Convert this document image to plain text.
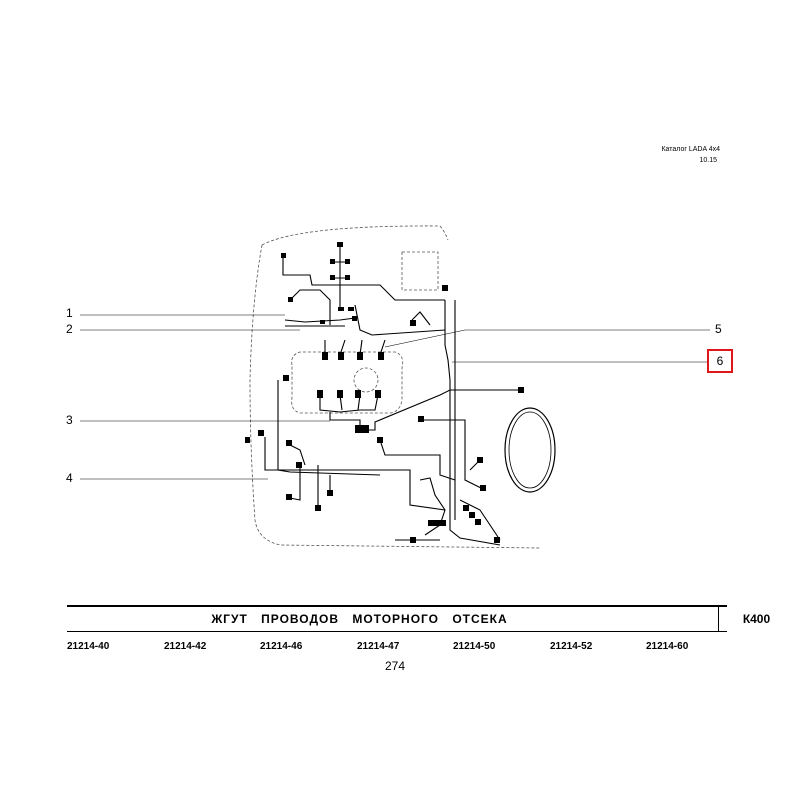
Каталог LADA 4x4
10.15
1
2
3
4
5
6
ЖГУТ ПРОВОДОВ МОТОРНОГО ОТСЕКА	К400
21214-40	21214-42	21214-46	21214-47	21214-50	21214-52	21214-60
274
